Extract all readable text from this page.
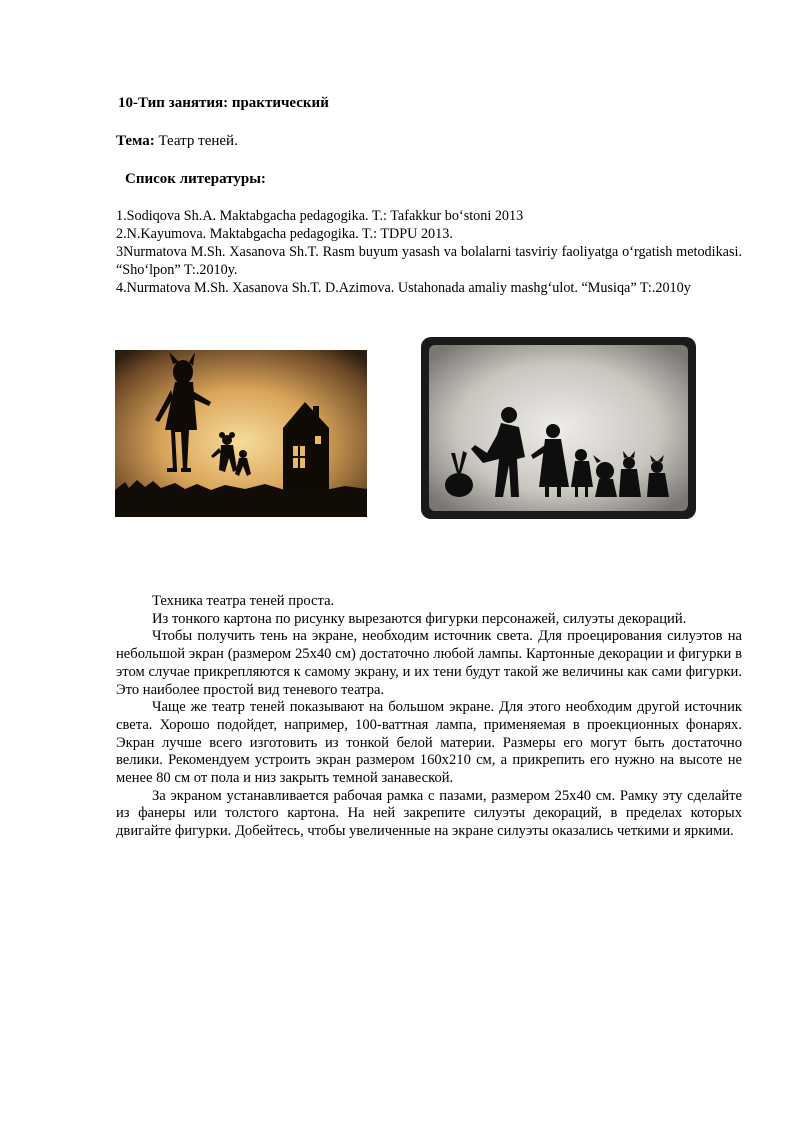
10-Тип занятия: практический
Тема: Театр теней.
Список литературы:
1.Sodiqova Sh.A. Maktabgacha pedagogika. T.: Tafakkur bo‘stoni 2013
2.N.Kayumova. Maktabgacha pedagogika. T.: TDPU 2013.
3Nurmatova M.Sh. Xasanova Sh.T. Rasm buyum yasash va bolalarni tasviriy faoliyatga o‘rgatish metodikasi. “Sho‘lpon” T:.2010y.
4.Nurmatova M.Sh. Xasanova Sh.T. D.Azimova. Ustahonada amaliy mashg‘ulot. “Musiqa” T:.2010y

Техника театра теней проста.

Из тонкого картона по рисунку вырезаются фигурки персонажей, силуэты декораций.

Чтобы получить тень на экране, необходим источник света. Для проецирования силуэтов на небольшой экран (размером 25х40 см) достаточно любой лампы. Картонные декорации и фигурки в этом случае прикрепляются к самому экрану, и их тени будут такой же величины как сами фигурки. Это наиболее простой вид теневого театра.

Чаще же театр теней показывают на большом экране. Для этого необходим другой источник света. Хорошо подойдет, например, 100-ваттная лампа, применяемая в проекционных фонарях. Экран лучше всего изготовить из тонкой белой материи. Размеры его могут быть достаточно велики. Рекомендуем устроить экран размером 160х210 см, а прикрепить его нужно на высоте не менее 80 см от пола и низ закрыть темной занавеской.

За экраном устанавливается рабочая рамка с пазами, размером 25х40 см. Рамку эту сделайте из фанеры или толстого картона. На ней закрепите силуэты декораций, в пределах которых двигайте фигурки. Добейтесь, чтобы увеличенные на экране силуэты оказались четкими и яркими.
